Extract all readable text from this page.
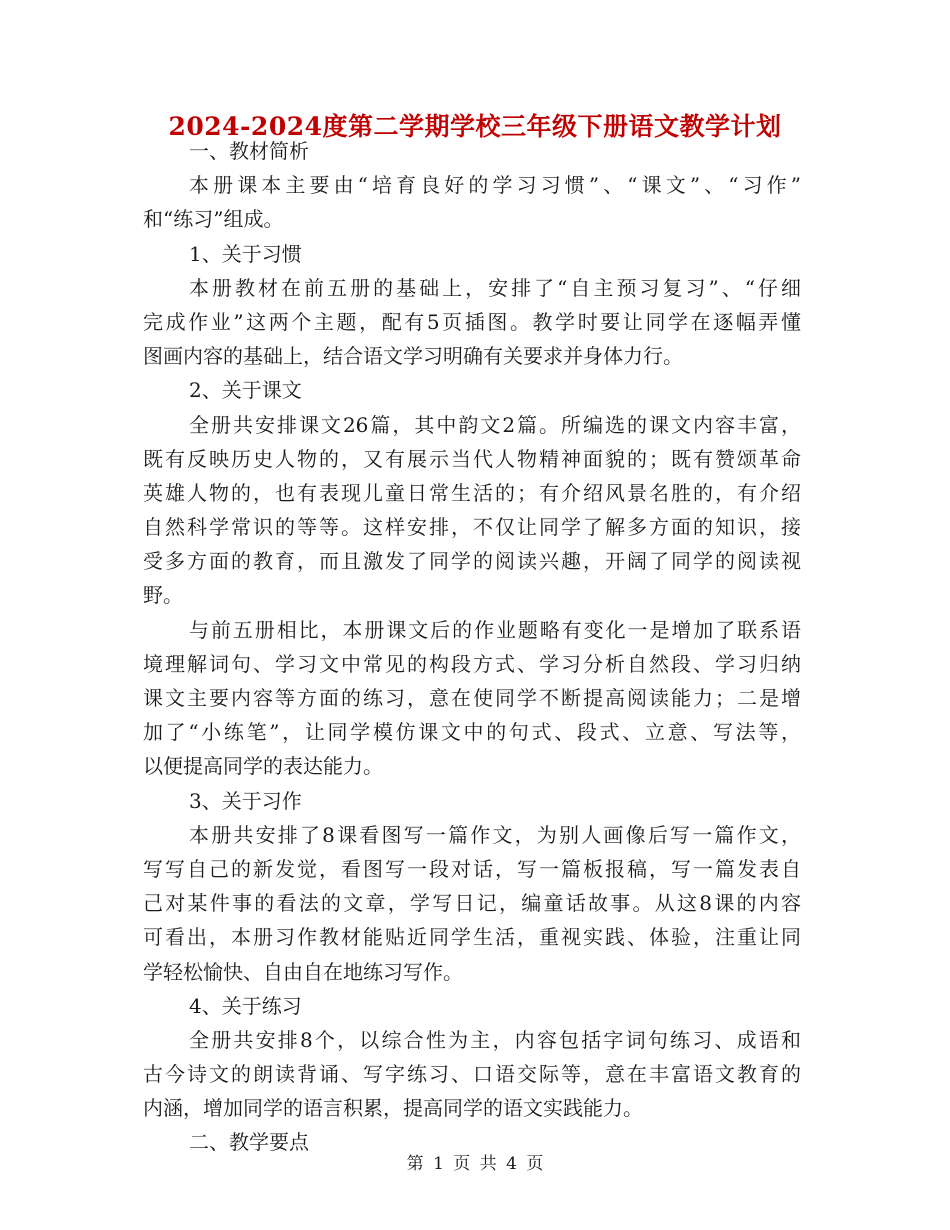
2024-2024度第二学期学校三年级下册语文教学计划
一、教材简析
本册课本主要由“培育良好的学习习惯”、“课文”、“习作”
和“练习”组成。
1、关于习惯
本册教材在前五册的基础上，安排了“自主预习复习”、“仔细
完成作业”这两个主题，配有5页插图。教学时要让同学在逐幅弄懂
图画内容的基础上，结合语文学习明确有关要求并身体力行。
2、关于课文
全册共安排课文26篇，其中韵文2篇。所编选的课文内容丰富，
既有反映历史人物的，又有展示当代人物精神面貌的；既有赞颂革命
英雄人物的，也有表现儿童日常生活的；有介绍风景名胜的，有介绍
自然科学常识的等等。这样安排，不仅让同学了解多方面的知识，接
受多方面的教育，而且激发了同学的阅读兴趣，开阔了同学的阅读视
野。
与前五册相比，本册课文后的作业题略有变化一是增加了联系语
境理解词句、学习文中常见的构段方式、学习分析自然段、学习归纳
课文主要内容等方面的练习，意在使同学不断提高阅读能力；二是增
加了“小练笔”，让同学模仿课文中的句式、段式、立意、写法等，
以便提高同学的表达能力。
3、关于习作
本册共安排了8课看图写一篇作文，为别人画像后写一篇作文，
写写自己的新发觉，看图写一段对话，写一篇板报稿，写一篇发表自
己对某件事的看法的文章，学写日记，编童话故事。从这8课的内容
可看出，本册习作教材能贴近同学生活，重视实践、体验，注重让同
学轻松愉快、自由自在地练习写作。
4、关于练习
全册共安排8个，以综合性为主，内容包括字词句练习、成语和
古今诗文的朗读背诵、写字练习、口语交际等，意在丰富语文教育的
内涵，增加同学的语言积累，提高同学的语文实践能力。
二、教学要点
第 1 页 共 4 页
